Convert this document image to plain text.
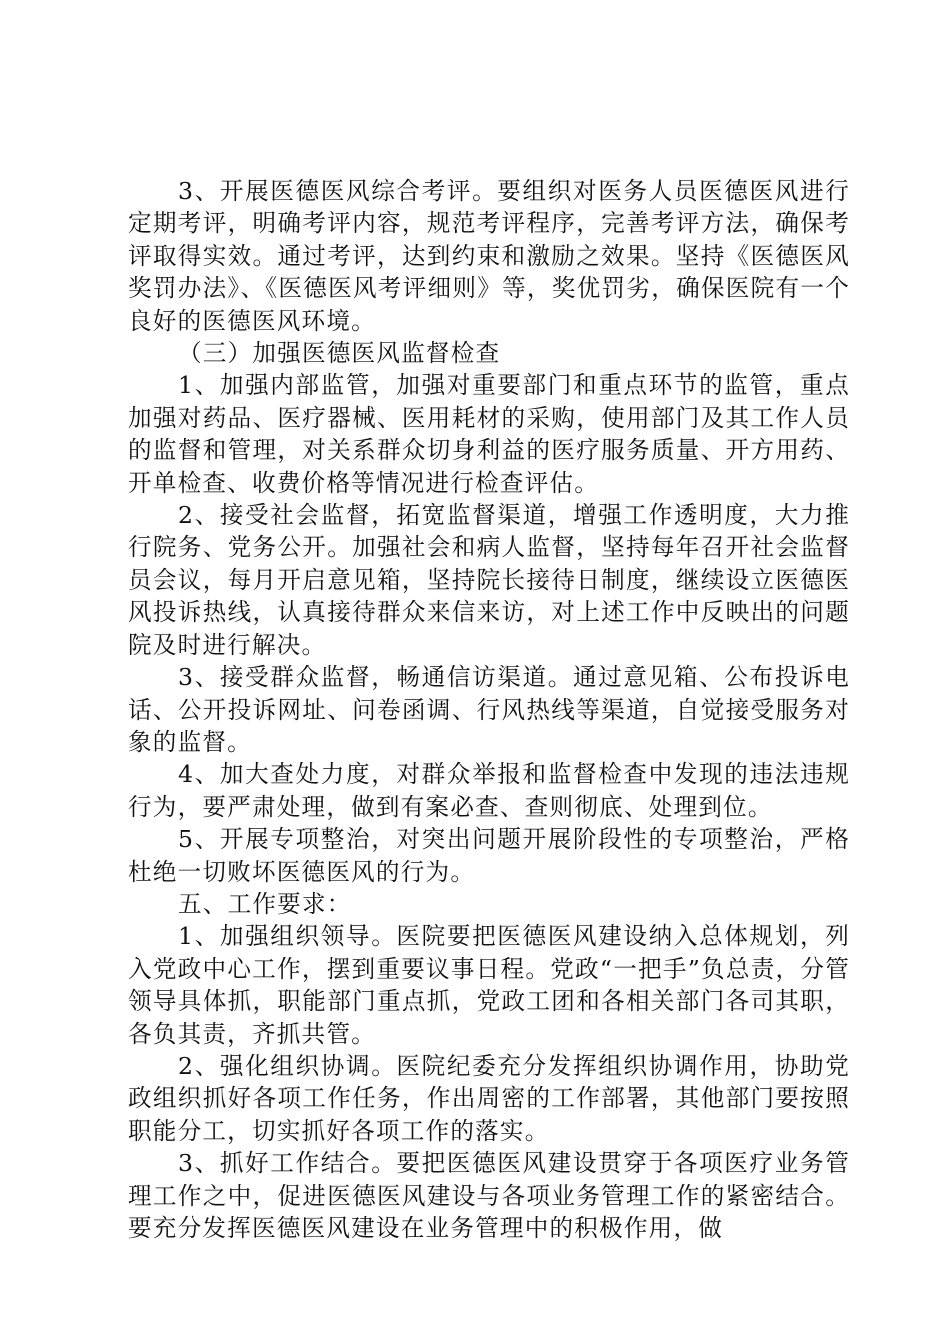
3、开展医德医风综合考评。要组织对医务人员医德医风进行定期考评，明确考评内容，规范考评程序，完善考评方法，确保考评取得实效。通过考评，达到约束和激励之效果。坚持《医德医风奖罚办法》、《医德医风考评细则》等，奖优罚劣，确保医院有一个良好的医德医风环境。

（三）加强医德医风监督检查

1、加强内部监管，加强对重要部门和重点环节的监管，重点加强对药品、医疗器械、医用耗材的采购，使用部门及其工作人员的监督和管理，对关系群众切身利益的医疗服务质量、开方用药、开单检查、收费价格等情况进行检查评估。

2、接受社会监督，拓宽监督渠道，增强工作透明度，大力推行院务、党务公开。加强社会和病人监督，坚持每年召开社会监督员会议，每月开启意见箱，坚持院长接待日制度，继续设立医德医风投诉热线，认真接待群众来信来访，对上述工作中反映出的问题院及时进行解决。

3、接受群众监督，畅通信访渠道。通过意见箱、公布投诉电话、公开投诉网址、问卷函调、行风热线等渠道，自觉接受服务对象的监督。

4、加大查处力度，对群众举报和监督检查中发现的违法违规行为，要严肃处理，做到有案必查、查则彻底、处理到位。

5、开展专项整治，对突出问题开展阶段性的专项整治，严格杜绝一切败坏医德医风的行为。

五、工作要求：

1、加强组织领导。医院要把医德医风建设纳入总体规划，列入党政中心工作，摆到重要议事日程。党政“一把手”负总责，分管领导具体抓，职能部门重点抓，党政工团和各相关部门各司其职，各负其责，齐抓共管。

2、强化组织协调。医院纪委充分发挥组织协调作用，协助党政组织抓好各项工作任务，作出周密的工作部署，其他部门要按照职能分工，切实抓好各项工作的落实。

3、抓好工作结合。要把医德医风建设贯穿于各项医疗业务管理工作之中，促进医德医风建设与各项业务管理工作的紧密结合。要充分发挥医德医风建设在业务管理中的积极作用，做
